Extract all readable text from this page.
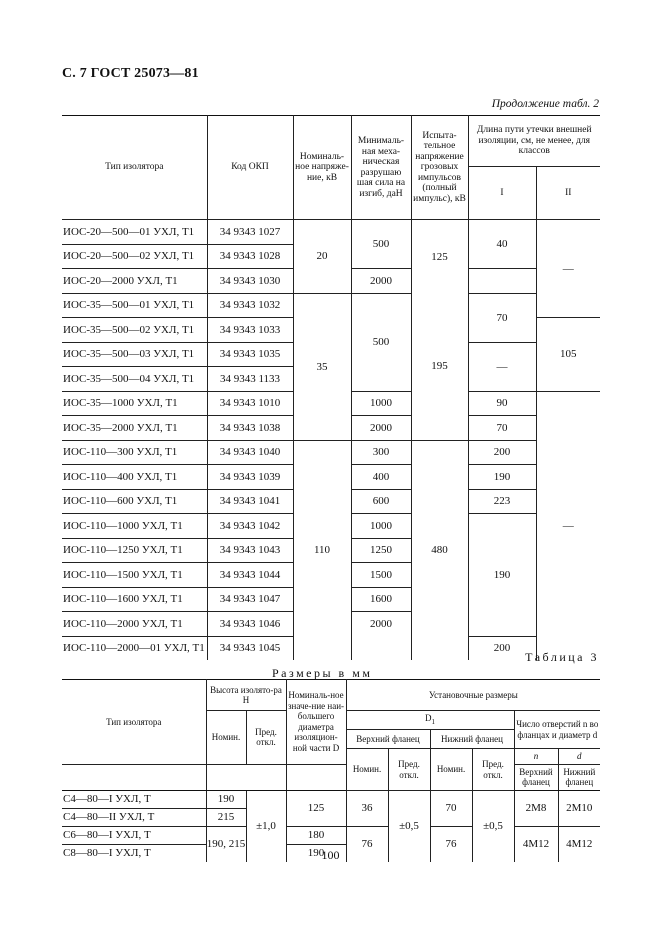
С. 7 ГОСТ 25073—81
Продолжение табл. 2
Тип изолятора	Код ОКП	Номиналь-ное напряже-ние, кВ	Минималь-ная меха-ническая разрушаю шая сила на изгиб, даН	Испыта-тельное напряжение грозовых импульсов (полный импульс), кВ	Длина пути утечки внешней изоляции, см, не менее, для классов	
					I	II
ИОС-20—500—01 УХЛ, Т1	34 9343 1027	20	500	125	40	—
ИОС-20—500—02 УХЛ, Т1	34 9343 1028					
ИОС-20—2000 УХЛ, Т1	34 9343 1030		2000			
ИОС-35—500—01 УХЛ, Т1	34 9343 1032	35	500	195	70	
ИОС-35—500—02 УХЛ, Т1	34 9343 1033					105
ИОС-35—500—03 УХЛ, Т1	34 9343 1035				—	
ИОС-35—500—04 УХЛ, Т1	34 9343 1133					
ИОС-35—1000 УХЛ, Т1	34 9343 1010		1000		90	—
ИОС-35—2000 УХЛ, Т1	34 9343 1038		2000		70	
ИОС-110—300 УХЛ, Т1	34 9343 1040	110	300	480	200	
ИОС-110—400 УХЛ, Т1	34 9343 1039		400		190	
ИОС-110—600 УХЛ, Т1	34 9343 1041		600		223	
ИОС-110—1000 УХЛ, Т1	34 9343 1042		1000		190	
ИОС-110—1250 УХЛ, Т1	34 9343 1043		1250			
ИОС-110—1500 УХЛ, Т1	34 9343 1044		1500			
ИОС-110—1600 УХЛ, Т1	34 9343 1047		1600			
ИОС-110—2000 УХЛ, Т1	34 9343 1046		2000			
ИОС-110—2000—01 УХЛ, Т1	34 9343 1045				200	
Таблица 3
Размеры в мм
Тип изолятора	Высота изолято-ра H		Номиналь-ное значе-ние наи-большего диаметра изоляцион-ной части D	Установочные размеры					
	Номин.	Пред. откл.		$D_1$				Число отверстий n во фланцах и диаметр d	
				Верхний фланец		Нижний фланец			
				Номин.	Пред. откл.	Номин.	Пред. откл.	n	d
								Верхний фланец	Нижний фланец
С4—80—I УХЛ, Т	190	±1,0	125	36	±0,5	70	±0,5	2М8	2М10
С4—80—II УХЛ, Т	215								
С6—80—I УХЛ, Т	190, 215		180	76		76		4М12	4М12
С8—80—I УХЛ, Т			190						
100
